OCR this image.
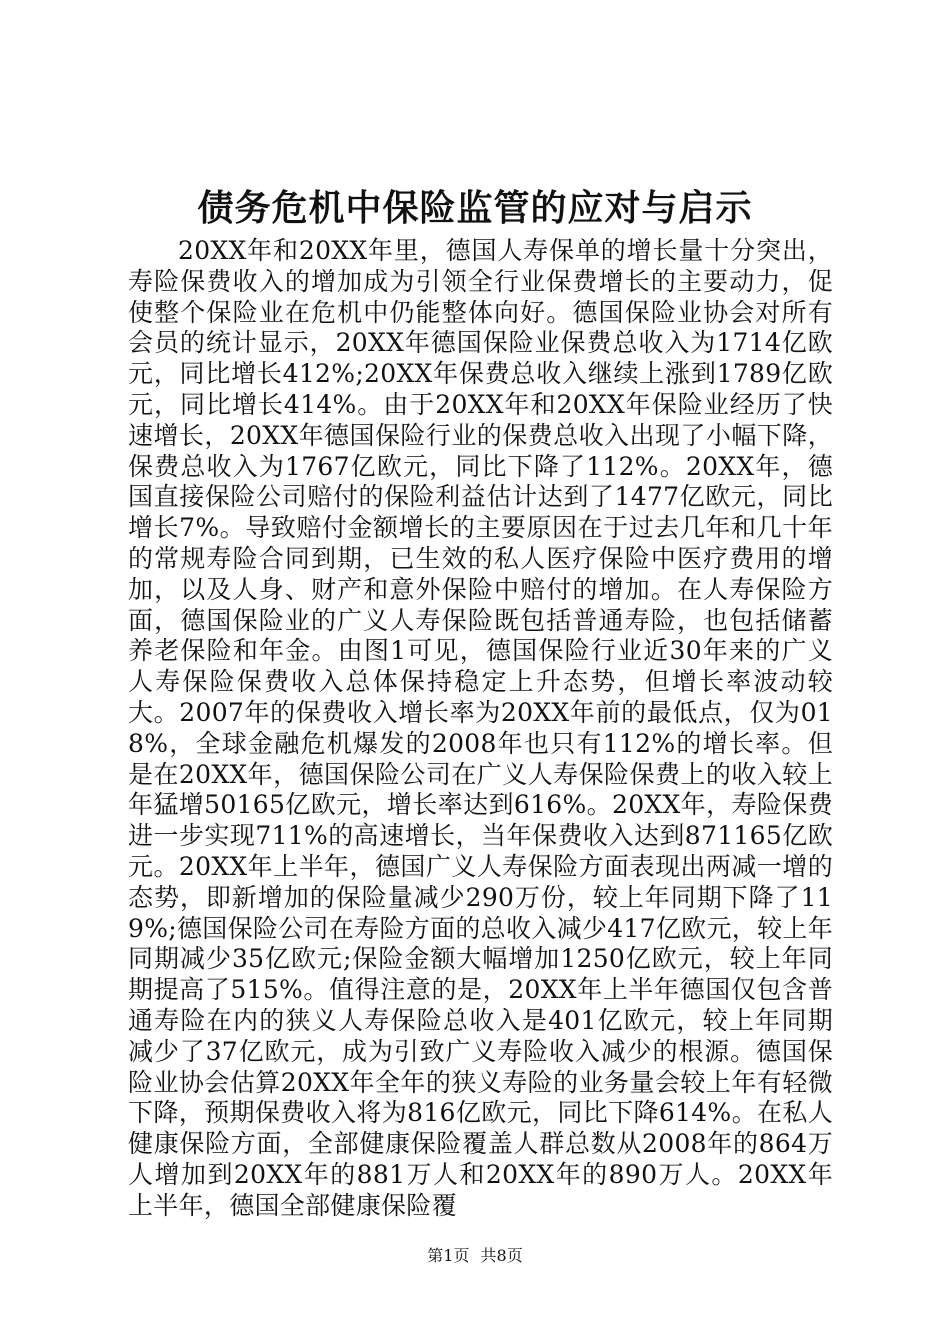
债务危机中保险监管的应对与启示

20XX年和20XX年里，德国人寿保单的增长量十分突出，寿险保费收入的增加成为引领全行业保费增长的主要动力，促使整个保险业在危机中仍能整体向好。德国保险业协会对所有会员的统计显示，20XX年德国保险业保费总收入为1714亿欧元，同比增长412%;20XX年保费总收入继续上涨到1789亿欧元，同比增长414%。由于20XX年和20XX年保险业经历了快速增长，20XX年德国保险行业的保费总收入出现了小幅下降，保费总收入为1767亿欧元，同比下降了112%。20XX年，德国直接保险公司赔付的保险利益估计达到了1477亿欧元，同比增长7%。导致赔付金额增长的主要原因在于过去几年和几十年的常规寿险合同到期，已生效的私人医疗保险中医疗费用的增加，以及人身、财产和意外保险中赔付的增加。在人寿保险方面，德国保险业的广义人寿保险既包括普通寿险，也包括储蓄养老保险和年金。由图1可见，德国保险行业近30年来的广义人寿保险保费收入总体保持稳定上升态势，但增长率波动较大。2007年的保费收入增长率为20XX年前的最低点，仅为018%，全球金融危机爆发的2008年也只有112%的增长率。但是在20XX年，德国保险公司在广义人寿保险保费上的收入较上年猛增50165亿欧元，增长率达到616%。20XX年，寿险保费进一步实现711%的高速增长，当年保费收入达到871165亿欧元。20XX年上半年，德国广义人寿保险方面表现出两减一增的态势，即新增加的保险量减少290万份，较上年同期下降了119%;德国保险公司在寿险方面的总收入减少417亿欧元，较上年同期减少35亿欧元;保险金额大幅增加1250亿欧元，较上年同期提高了515%。值得注意的是，20XX年上半年德国仅包含普通寿险在内的狭义人寿保险总收入是401亿欧元，较上年同期减少了37亿欧元，成为引致广义寿险收入减少的根源。德国保险业协会估算20XX年全年的狭义寿险的业务量会较上年有轻微下降，预期保费收入将为816亿欧元，同比下降614%。在私人健康保险方面，全部健康保险覆盖人群总数从2008年的864万人增加到20XX年的881万人和20XX年的890万人。20XX年上半年，德国全部健康保险覆

第1页 共8页
